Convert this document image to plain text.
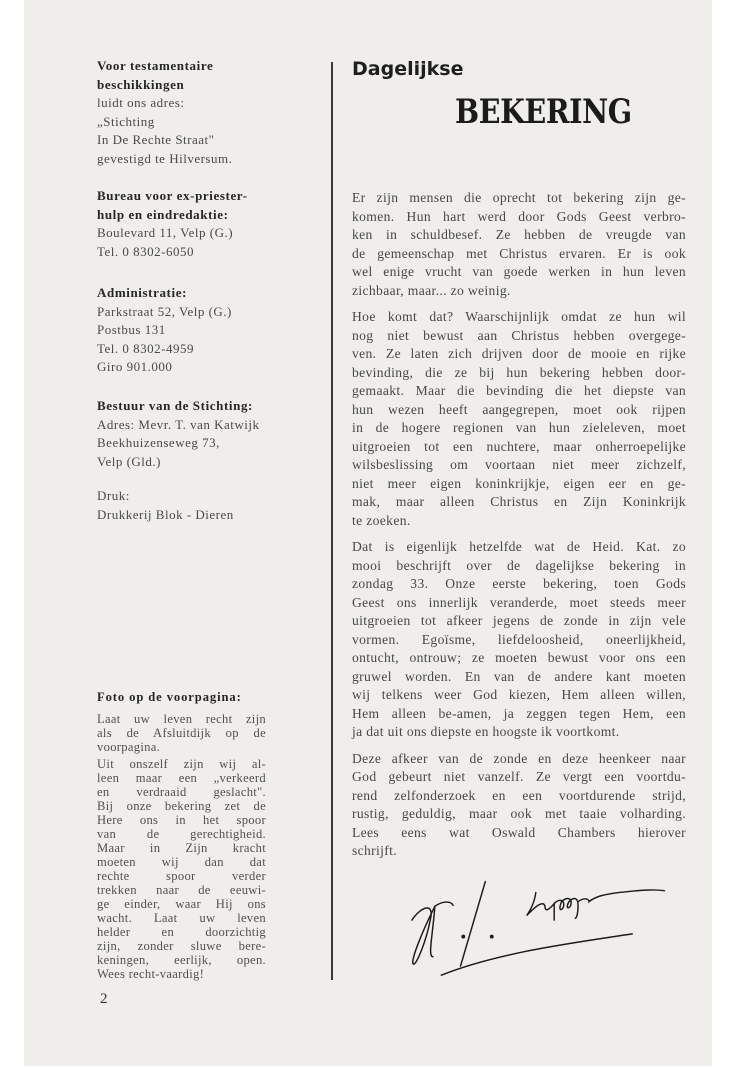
Voor testamentaire
beschikkingen
luidt ons adres:
„Stichting
In De Rechte Straat"
gevestigd te Hilversum.
Bureau voor ex-priester-
hulp en eindredaktie:
Boulevard 11, Velp (G.)
Tel. 0 8302-6050
Administratie:
Parkstraat 52, Velp (G.)
Postbus 131
Tel. 0 8302-4959
Giro 901.000
Bestuur van de Stichting:
Adres: Mevr. T. van Katwijk
Beekhuizenseweg 73,
Velp (Gld.)
Druk:
Drukkerij Blok - Dieren
Foto op de voorpagina:
Laat uw leven recht zijn
als de Afsluitdijk op de
voorpagina.
Uit onszelf zijn wij al-
leen maar een „verkeerd
en verdraaid geslacht".
Bij onze bekering zet de
Here ons in het spoor
van de gerechtigheid.
Maar in Zijn kracht
moeten wij dan dat
rechte spoor verder
trekken naar de eeuwi-
ge einder, waar Hij ons
wacht. Laat uw leven
helder en doorzichtig
zijn, zonder sluwe bere-
keningen, eerlijk, open.
Wees recht-vaardig!
2
Dagelijkse
BEKERING
Er zijn mensen die oprecht tot bekering zijn ge-
komen. Hun hart werd door Gods Geest verbro-
ken in schuldbesef. Ze hebben de vreugde van
de gemeenschap met Christus ervaren. Er is ook
wel enige vrucht van goede werken in hun leven
zichbaar, maar... zo weinig.
Hoe komt dat? Waarschijnlijk omdat ze hun wil
nog niet bewust aan Christus hebben overgege-
ven. Ze laten zich drijven door de mooie en rijke
bevinding, die ze bij hun bekering hebben door-
gemaakt. Maar die bevinding die het diepste van
hun wezen heeft aangegrepen, moet ook rijpen
in de hogere regionen van hun zieleleven, moet
uitgroeien tot een nuchtere, maar onherroepelijke
wilsbeslissing om voortaan niet meer zichzelf,
niet meer eigen koninkrijkje, eigen eer en ge-
mak, maar alleen Christus en Zijn Koninkrijk
te zoeken.
Dat is eigenlijk hetzelfde wat de Heid. Kat. zo
mooi beschrijft over de dagelijkse bekering in
zondag 33. Onze eerste bekering, toen Gods
Geest ons innerlijk veranderde, moet steeds meer
uitgroeien tot afkeer jegens de zonde in zijn vele
vormen. Egoïsme, liefdeloosheid, oneerlijkheid,
ontucht, ontrouw; ze moeten bewust voor ons een
gruwel worden. En van de andere kant moeten
wij telkens weer God kiezen, Hem alleen willen,
Hem alleen be-amen, ja zeggen tegen Hem, een
ja dat uit ons diepste en hoogste ik voortkomt.
Deze afkeer van de zonde en deze heenkeer naar
God gebeurt niet vanzelf. Ze vergt een voortdu-
rend zelfonderzoek en een voortdurende strijd,
rustig, geduldig, maar ook met taaie volharding.
Lees eens wat Oswald Chambers hierover
schrijft.
